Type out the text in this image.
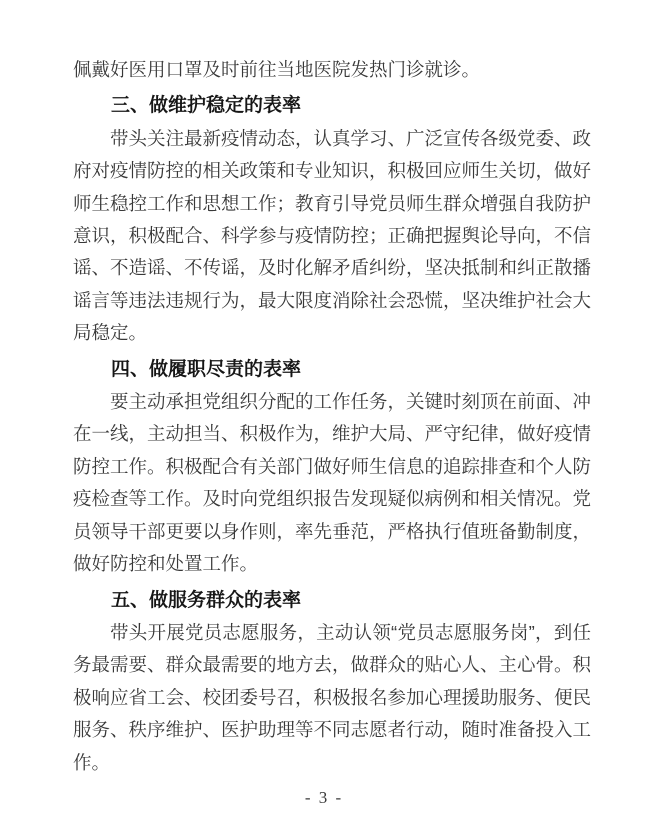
佩戴好医用口罩及时前往当地医院发热门诊就诊。

三、做维护稳定的表率

带头关注最新疫情动态，认真学习、广泛宣传各级党委、政府对疫情防控的相关政策和专业知识，积极回应师生关切，做好师生稳控工作和思想工作；教育引导党员师生群众增强自我防护意识，积极配合、科学参与疫情防控；正确把握舆论导向，不信谣、不造谣、不传谣，及时化解矛盾纠纷，坚决抵制和纠正散播谣言等违法违规行为，最大限度消除社会恐慌，坚决维护社会大局稳定。

四、做履职尽责的表率

要主动承担党组织分配的工作任务，关键时刻顶在前面、冲在一线，主动担当、积极作为，维护大局、严守纪律，做好疫情防控工作。积极配合有关部门做好师生信息的追踪排查和个人防疫检查等工作。及时向党组织报告发现疑似病例和相关情况。党员领导干部更要以身作则，率先垂范，严格执行值班备勤制度，做好防控和处置工作。

五、做服务群众的表率

带头开展党员志愿服务，主动认领“党员志愿服务岗”，到任务最需要、群众最需要的地方去，做群众的贴心人、主心骨。积极响应省工会、校团委号召，积极报名参加心理援助服务、便民服务、秩序维护、医护助理等不同志愿者行动，随时准备投入工作。

- 3 -
